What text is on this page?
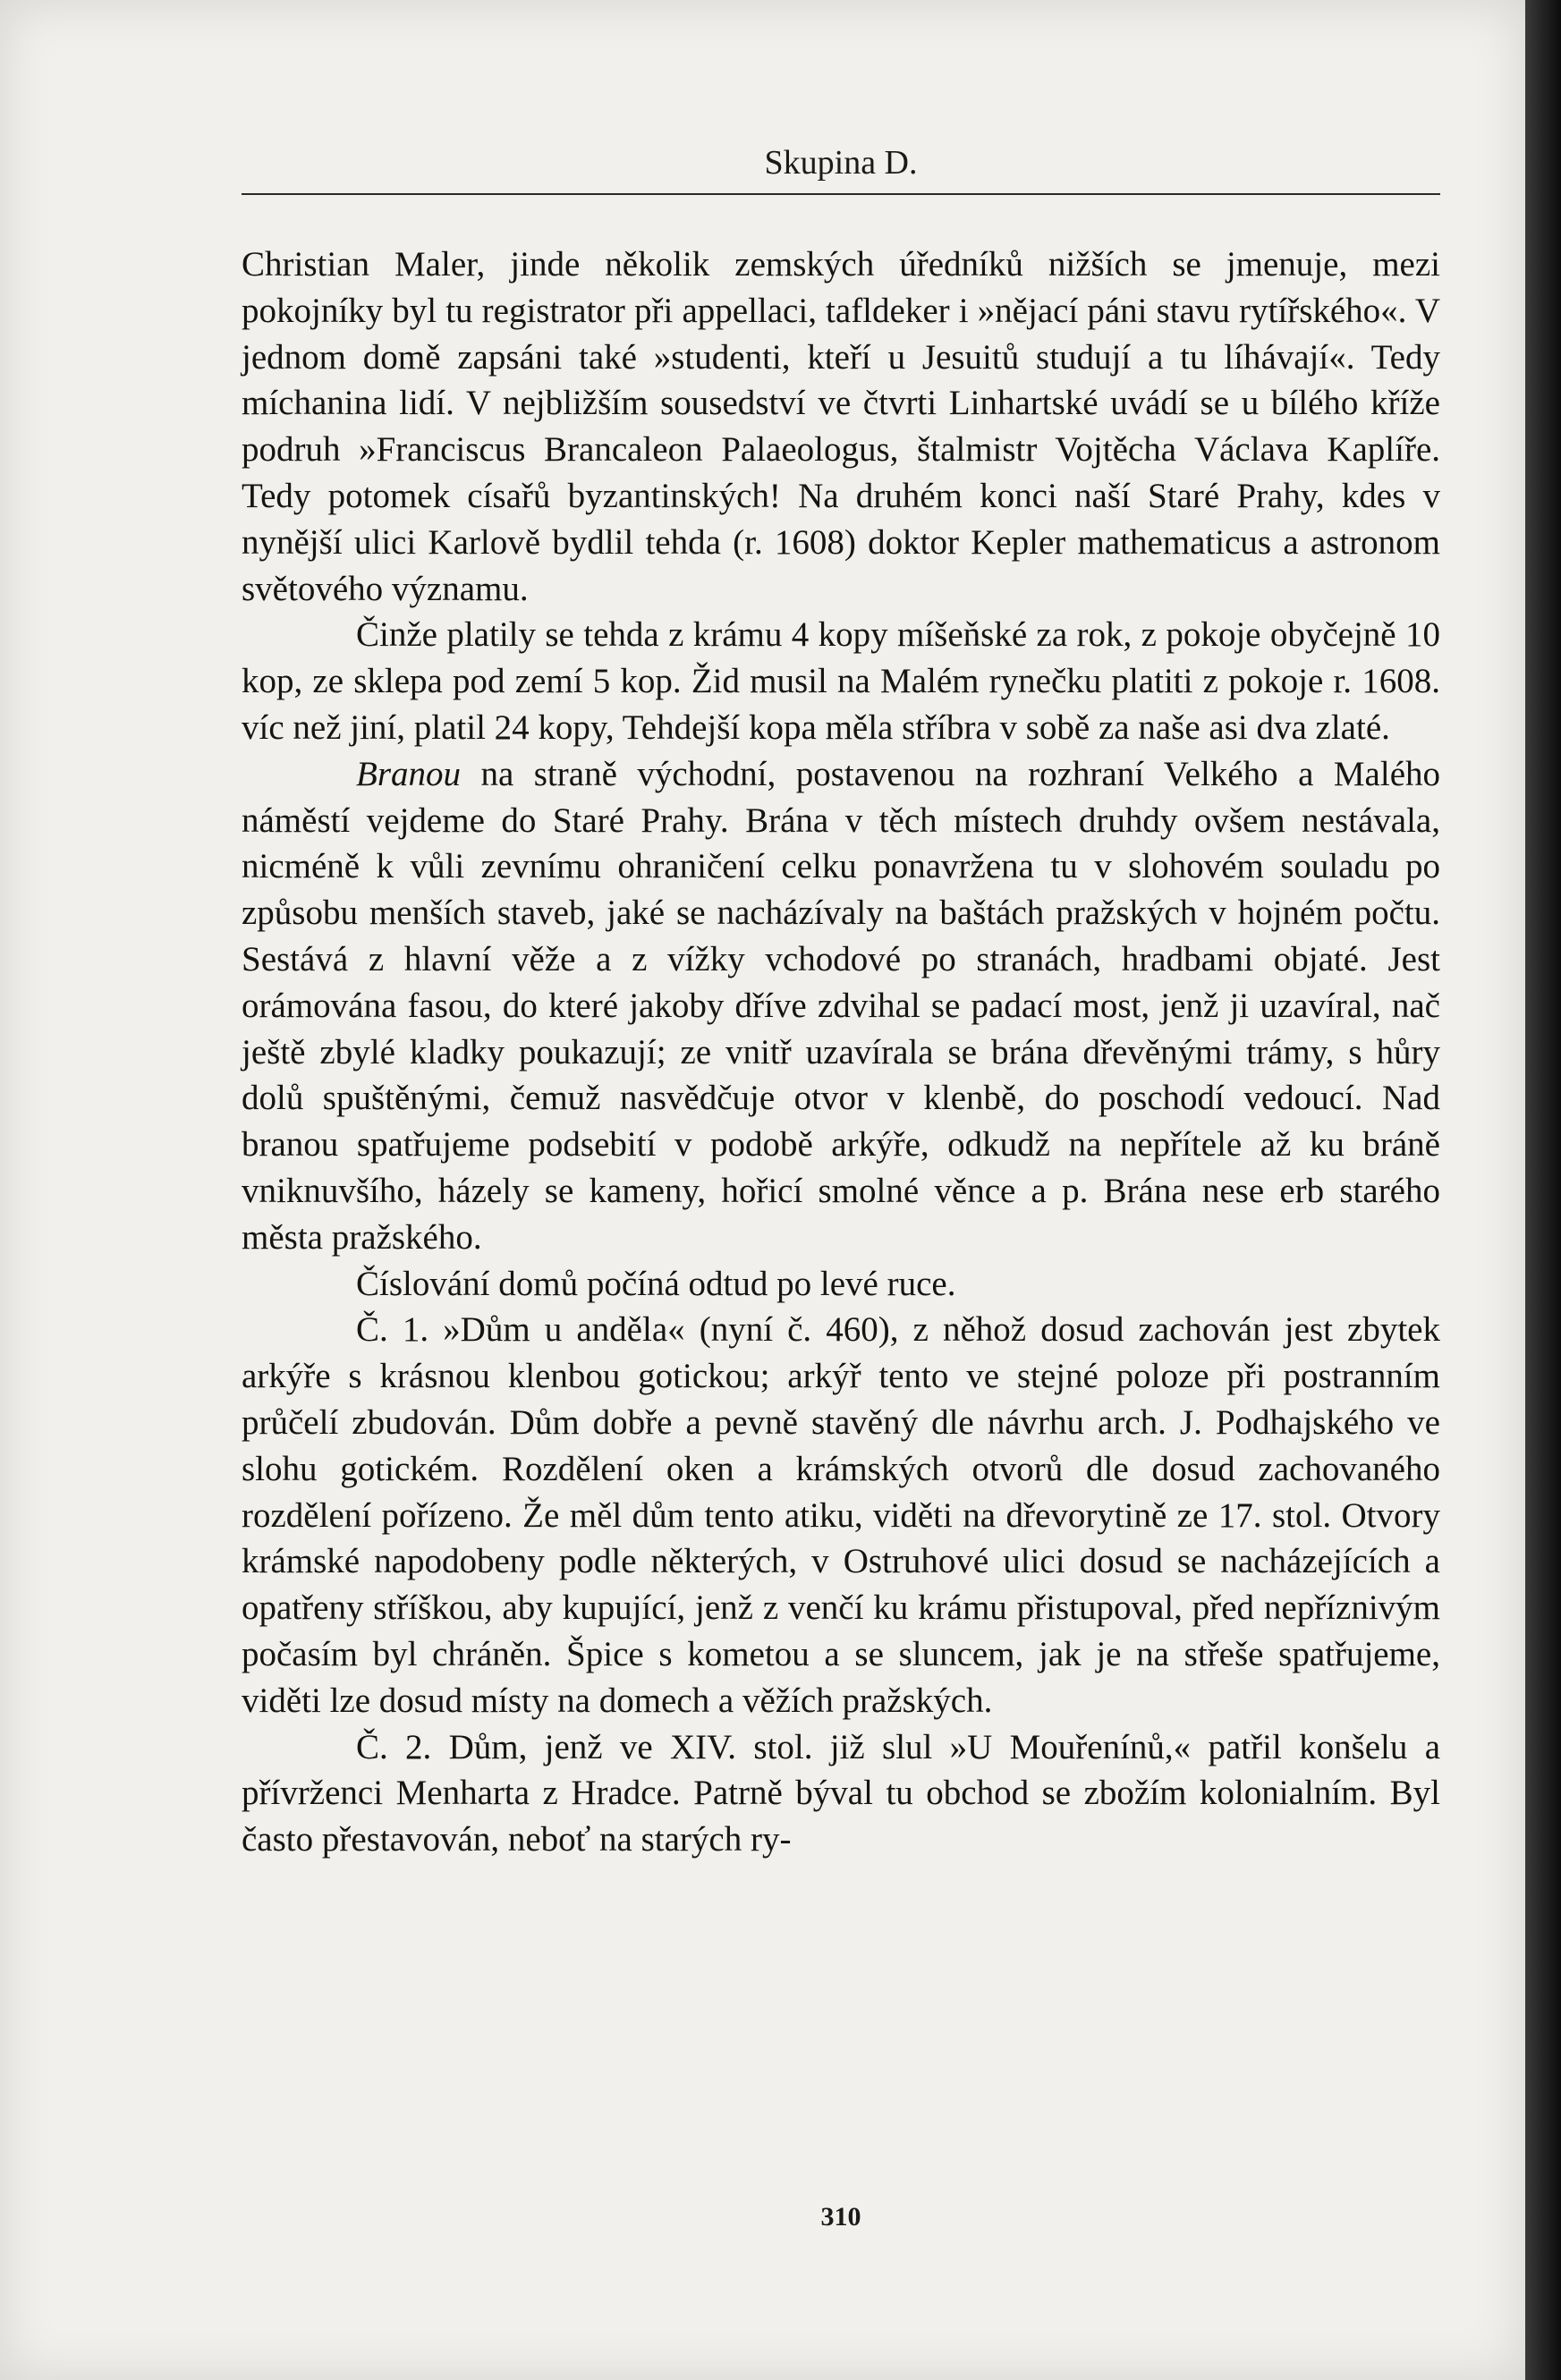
Skupina D.

Christian Maler, jinde několik zemských úředníků nižších se jmenuje, mezi pokojníky byl tu registrator při appellaci, tafldeker i »nějací páni stavu rytířského«. V jednom domě zapsáni také »studenti, kteří u Jesuitů studují a tu líhávají«. Tedy míchanina lidí. V nejbližším sousedství ve čtvrti Linhartské uvádí se u bílého kříže podruh »Franciscus Brancaleon Palaeologus, štalmistr Vojtěcha Václava Kaplíře. Tedy potomek císařů byzantinských! Na druhém konci naší Staré Prahy, kdes v nynější ulici Karlově bydlil tehda (r. 1608) doktor Kepler mathematicus a astronom světového významu.

Činže platily se tehda z krámu 4 kopy míšeňské za rok, z pokoje obyčejně 10 kop, ze sklepa pod zemí 5 kop. Žid musil na Malém rynečku platiti z pokoje r. 1608. víc než jiní, platil 24 kopy, Tehdejší kopa měla stříbra v sobě za naše asi dva zlaté.

Branou na straně východní, postavenou na rozhraní Velkého a Malého náměstí vejdeme do Staré Prahy. Brána v těch místech druhdy ovšem nestávala, nicméně k vůli zevnímu ohraničení celku ponavržena tu v slohovém souladu po způsobu menších staveb, jaké se nacházívaly na baštách pražských v hojném počtu. Sestává z hlavní věže a z vížky vchodové po stranách, hradbami objaté. Jest orámována fasou, do které jakoby dříve zdvihal se padací most, jenž ji uzavíral, nač ještě zbylé kladky poukazují; ze vnitř uzavírala se brána dřevěnými trámy, s hůry dolů spuštěnými, čemuž nasvědčuje otvor v klenbě, do poschodí vedoucí. Nad branou spatřujeme podsebití v podobě arkýře, odkudž na nepřítele až ku bráně vniknuvšího, házely se kameny, hořicí smolné věnce a p. Brána nese erb starého města pražského.

Číslování domů počíná odtud po levé ruce.

Č. 1. »Dům u anděla« (nyní č. 460), z něhož dosud zachován jest zbytek arkýře s krásnou klenbou gotickou; arkýř tento ve stejné poloze při postranním průčelí zbudován. Dům dobře a pevně stavěný dle návrhu arch. J. Podhajského ve slohu gotickém. Rozdělení oken a krámských otvorů dle dosud zachovaného rozdělení pořízeno. Že měl dům tento atiku, viděti na dřevorytině ze 17. stol. Otvory krámské napodobeny podle některých, v Ostruhové ulici dosud se nacházejících a opatřeny stříškou, aby kupující, jenž z venčí ku krámu přistupoval, před nepříznivým počasím byl chráněn. Špice s kometou a se sluncem, jak je na střeše spatřujeme, viděti lze dosud místy na domech a věžích pražských.

Č. 2. Dům, jenž ve XIV. stol. již slul »U Mouřenínů,« patřil konšelu a přívrženci Menharta z Hradce. Patrně býval tu obchod se zbožím kolonialním. Byl často přestavován, neboť na starých ry-

310
